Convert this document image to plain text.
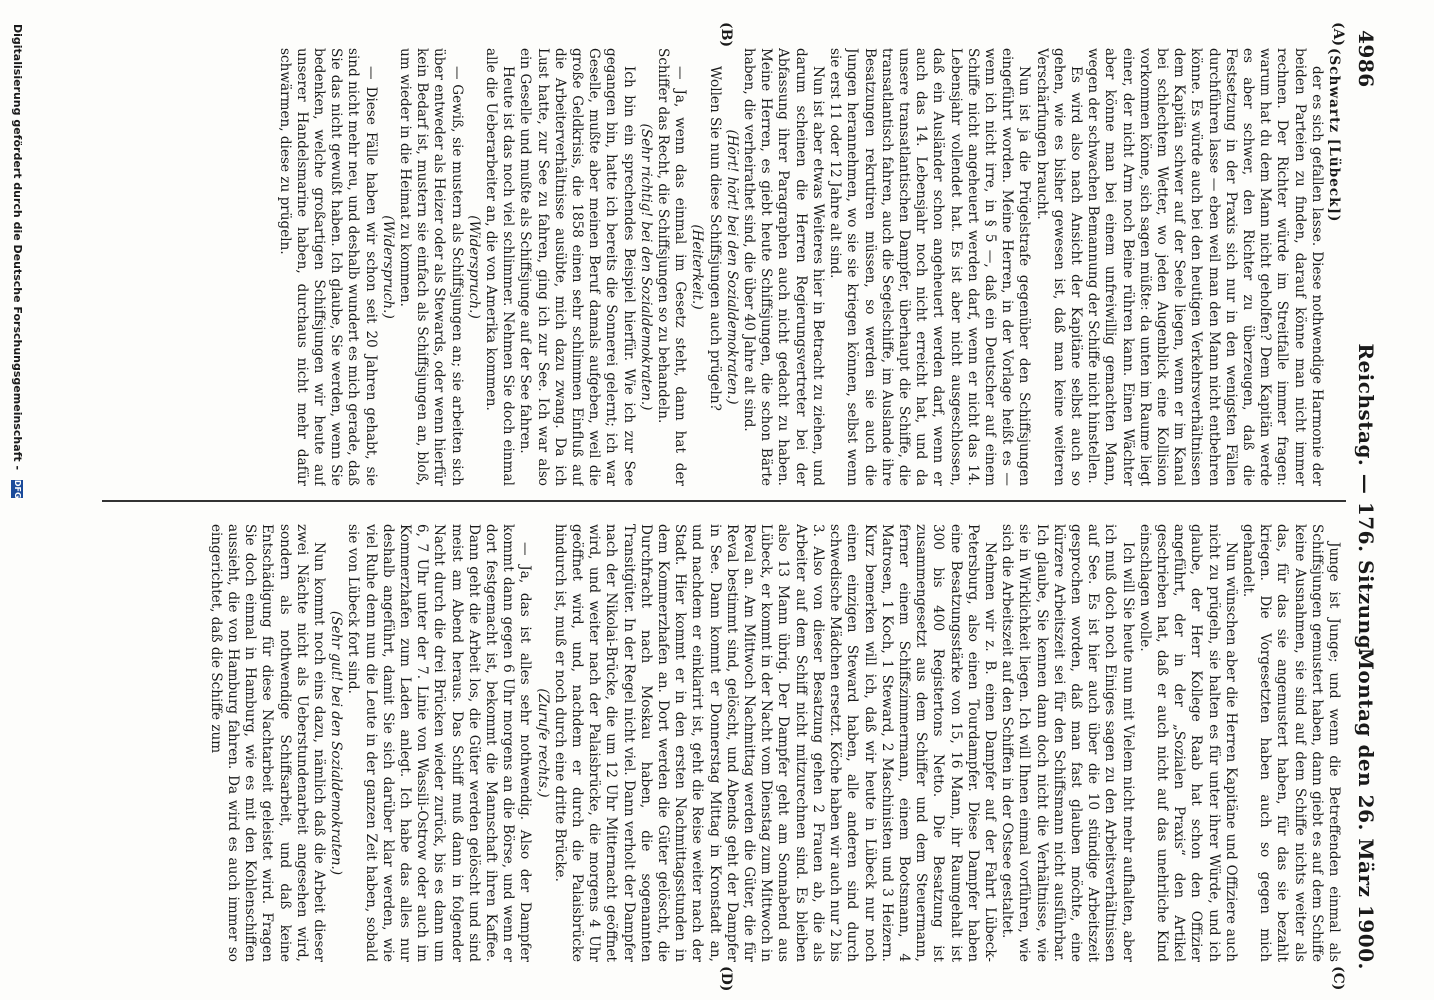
4986
Reichstag. — 176. Sitzung.
Montag den 26. März 1900.
(A)
(B)
(C)
(D)

(Schwartz [Lübeck])

der es sich gefallen lasse. Diese nothwendige Harmonie der beiden Parteien zu finden, darauf könne man nicht immer rechnen. Der Richter würde im Streitfalle immer fragen: warum hat du dem Mann nicht geholfen? Dem Kapitän werde es aber schwer, den Richter zu überzeugen, daß die Festsetzung in der Praxis sich nur in den wenigsten Fällen durchführen lasse — eben weil man den Mann nicht entbehren könne. Es würde auch bei den heutigen Verkehrsverhältnissen dem Kapitän schwer auf der Seele liegen, wenn er im Kanal bei schlechtem Wetter, wo jeden Augenblick eine Kollision vorkommen könne, sich sagen müßte: da unten im Raume liegt einer, der nicht Arm noch Beine rühren kann. Einen Wächter aber könne man bei einem unfreiwillig gemachten Mann, wegen der schwachen Bemannung der Schiffe nicht hinstellen.

Es wird also nach Ansicht der Kapitäne selbst auch so gehen, wie es bisher gewesen ist, daß man keine weiteren Verschärfungen braucht.

Nun ist ja die Prügelstrafe gegenüber den Schiffsjungen eingeführt worden. Meine Herren, in der Vorlage heißt es — wenn ich nicht irre, in § 5 —, daß ein Deutscher auf einem Schiffe nicht angeheuert werden darf, wenn er nicht das 14. Lebensjahr vollendet hat. Es ist aber nicht ausgeschlossen, daß ein Ausländer schon angeheuert werden darf, wenn er auch das 14. Lebensjahr noch nicht erreicht hat, und da unsere transatlantischen Dampfer, überhaupt die Schiffe, die transatlantisch fahren, auch die Segelschiffe, im Auslande ihre Besatzungen rekrutiren müssen, so werden sie auch die Jungen herannehmen, wo sie sie kriegen können, selbst wenn sie erst 11 oder 12 Jahre alt sind.

Nun ist aber etwas Weiteres hier in Betracht zu ziehen, und darum scheinen die Herren Regierungsvertreter bei der Abfassung ihrer Paragraphen auch nicht gedacht zu haben. Meine Herren, es giebt heute Schiffsjungen, die schon Bärte haben, die verheirathet sind, die über 40 Jahre alt sind.

(Hört! hört! bei den Sozialdemokraten.)

Wollen Sie nun diese Schiffsjungen auch prügeln?

(Heiterkeit.)

— Ja, wenn das einmal im Gesetz steht, dann hat der Schiffer das Recht, die Schiffsjungen so zu behandeln.

(Sehr richtig! bei den Sozialdemokraten.)

Ich bin ein sprechendes Beispiel hierfür. Wie ich zur See gegangen bin, hatte ich bereits die Sonnerei gelernt; ich war Geselle, mußte aber meinen Beruf damals aufgeben, weil die große Geldkrisis, die 1858 einen sehr schlimmen Einfluß auf die Arbeiterverhältnisse ausübte, mich dazu zwang. Da ich Lust hatte, zur See zu fahren, ging ich zur See. Ich war also ein Geselle und mußte als Schiffsjunge auf der See fahren.

Heute ist das noch viel schlimmer. Nehmen Sie doch einmal alle die Ueberarbeiter an, die von Amerika kommen.

(Widerspruch.)

— Gewiß, sie mustern als Schiffsjungen an; sie arbeiten sich über entweder als Heizer oder als Stewards, oder wenn hierfür kein Bedarf ist, mustern sie einfach als Schiffsjungen an, bloß, um wieder in die Heimat zu kommen.

(Widerspruch.)

— Diese Fälle haben wir schon seit 20 Jahren gehabt, sie sind nicht mehr neu, und deshalb wundert es mich gerade, daß Sie das nicht gewußt haben. Ich glaube, Sie werden, wenn Sie bedenken, welche großartigen Schiffsjungen wir heute auf unserer Handelsmarine haben, durchaus nicht mehr dafür schwärmen, diese zu prügeln.

Junge ist Junge; und wenn die Betreffenden einmal als Schiffsjungen gemustert haben, dann giebt es auf dem Schiffe keine Ausnahmen, sie sind auf dem Schiffe nichts weiter als das, für das sie angemustert haben, für das sie bezahlt kriegen. Die Vorgesetzten haben auch so gegen mich gehandelt.

Nun wünschen aber die Herren Kapitäne und Offiziere auch nicht zu prügeln, sie halten es für unter ihrer Würde, und ich glaube, der Herr Kollege Raab hat schon den Offizier angeführt, der in der „Sozialen Praxis“ den Artikel geschrieben hat, daß er auch nicht auf das unehrliche Kind einschlagen wolle.

Ich will Sie heute nun mit Vielem nicht mehr aufhalten, aber ich muß doch noch Einiges sagen zu den Arbeitsverhältnissen auf See. Es ist hier auch über die 10 stündige Arbeitszeit gesprochen worden, daß man fast glauben möchte, eine kürzere Arbeitszeit sei für den Schiffsmann nicht ausführbar. Ich glaube, Sie kennen dann doch nicht die Verhältnisse, wie sie in Wirklichkeit liegen. Ich will Ihnen einmal vorführen, wie sich die Arbeitszeit auf den Schiffen in der Ostsee gestaltet.

Nehmen wir z. B. einen Dampfer auf der Fahrt Lübeck-Petersburg, also einen Tourdampfer. Diese Dampfer haben eine Besatzungsstärke von 15, 16 Mann, ihr Raumgehalt ist 300 bis 400 Registertons Netto. Die Besatzung ist zusammengesetzt aus dem Schiffer und dem Steuermann, ferner einem Schiffszimmermann, einem Bootsmann, 4 Matrosen, 1 Koch, 1 Steward, 2 Maschinisten und 3 Heizern. Kurz bemerken will ich, daß wir heute in Lübeck nur noch einen einzigen Steward haben, alle anderen sind durch schwedische Mädchen ersetzt. Köche haben wir auch nur 2 bis 3. Also von dieser Besatzung gehen 2 Frauen ab, die als Arbeiter auf dem Schiff nicht mitzurechnen sind. Es bleiben also 13 Mann übrig. Der Dampfer geht am Sonnabend aus Lübeck, er kommt in der Nacht vom Dienstag zum Mittwoch in Reval an. Am Mittwoch Nachmittag werden die Güter, die für Reval bestimmt sind, gelöscht, und Abends geht der Dampfer in See. Dann kommt er Donnerstag Mittag in Kronstadt an, und nachdem er einklarirt ist, geht die Reise weiter nach der Stadt. Hier kommt er in den ersten Nachmittagsstunden in dem Kommerzhafen an. Dort werden die Güter gelöscht, die Durchfracht nach Moskau haben, die sogenannten Transitgüter. In der Regel nicht viel. Dann verholt der Dampfer nach der Nikolai-Brücke, die um 12 Uhr Mitternacht geöffnet wird, und weiter nach der Palaisbrücke, die morgens 4 Uhr geöffnet wird, und, nachdem er durch die Palaisbrücke hindurch ist, muß er noch durch eine dritte Brücke.

(Zurufe rechts.)

— Ja, das ist alles sehr nothwendig. Also der Dampfer kommt dann gegen 6 Uhr morgens an die Börse, und wenn er dort festgemacht ist, bekommt die Mannschaft ihren Kaffee. Dann geht die Arbeit los, die Güter werden gelöscht und sind meist am Abend heraus. Das Schiff muß dann in folgender Nacht durch die drei Brücken wieder zurück, bis es dann um 6, 7 Uhr unter der 7. Linie von Wassili-Ostrow oder auch im Kommerzhafen zum Laden anlegt. Ich habe das alles nur deshalb angeführt, damit Sie sich darüber klar werden, wie viel Ruhe denn nun die Leute in der ganzen Zeit haben, sobald sie von Lübeck fort sind.

(Sehr gut! bei den Sozialdemokraten.)

Nun kommt noch eins dazu, nämlich daß die Arbeit dieser zwei Nächte nicht als Ueberstundenarbeit angesehen wird, sondern als nothwendige Schiffsarbeit, und daß keine Entschädigung für diese Nachtarbeit geleistet wird. Fragen Sie doch einmal in Hamburg, wie es mit den Kohlenschiffen aussieht, die von Hamburg fahren. Da wird es auch immer so eingerichtet, daß die Schiffe zum

Digitalisierung gefördert durch die Deutsche Forschungsgemeinschaft - DFG
